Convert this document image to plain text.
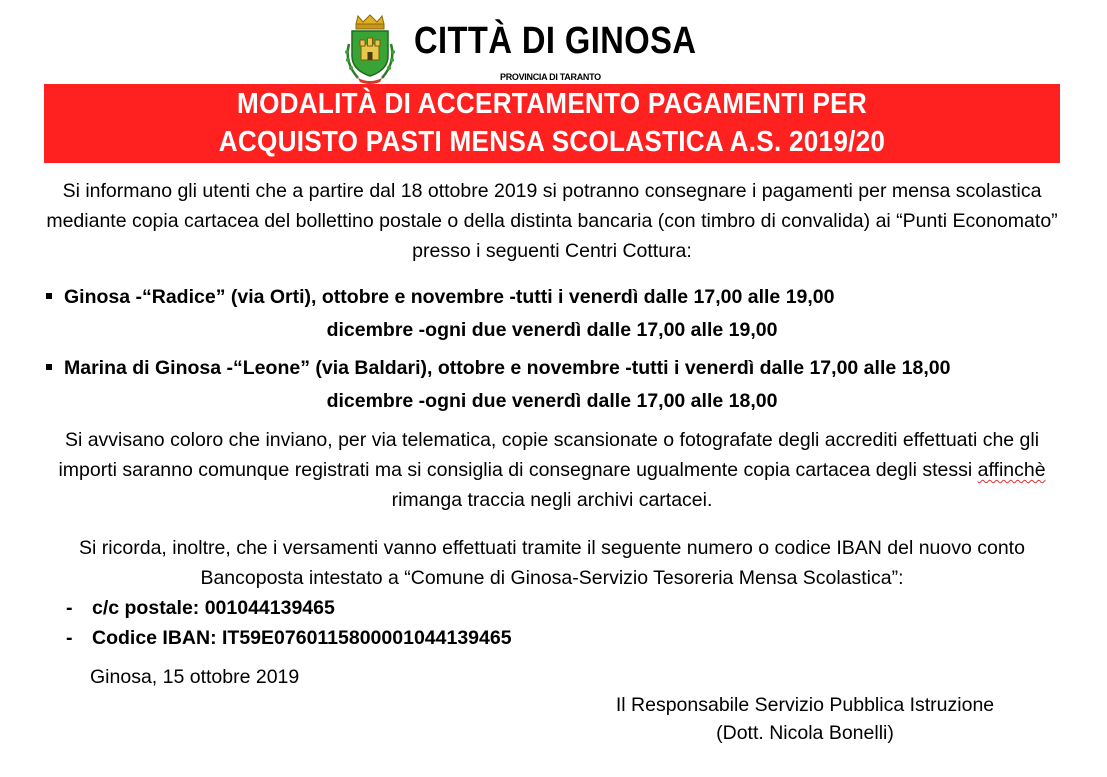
CITTÀ DI GINOSA
PROVINCIA DI TARANTO
MODALITÀ DI ACCERTAMENTO PAGAMENTI PER
ACQUISTO PASTI MENSA SCOLASTICA A.S. 2019/20

Si informano gli utenti che a partire dal 18 ottobre 2019 si potranno consegnare i pagamenti per mensa scolastica mediante copia cartacea del bollettino postale o della distinta bancaria (con timbro di convalida) ai “Punti Economato” presso i seguenti Centri Cottura:

Ginosa -“Radice” (via Orti), ottobre e novembre -tutti i venerdì dalle 17,00 alle 19,00
dicembre -ogni due venerdì dalle 17,00 alle 19,00
Marina di Ginosa -“Leone” (via Baldari), ottobre e novembre -tutti i venerdì dalle 17,00 alle 18,00
dicembre -ogni due venerdì dalle 17,00 alle 18,00

Si avvisano coloro che inviano, per via telematica, copie scansionate o fotografate degli accrediti effettuati che gli importi saranno comunque registrati ma si consiglia di consegnare ugualmente copia cartacea degli stessi affinchè rimanga traccia negli archivi cartacei.

Si ricorda, inoltre, che i versamenti vanno effettuati tramite il seguente numero o codice IBAN del nuovo conto Bancoposta intestato a “Comune di Ginosa-Servizio Tesoreria Mensa Scolastica”:

- c/c postale: 001044139465
- Codice IBAN: IT59E0760115800001044139465
Ginosa, 15 ottobre 2019
Il Responsabile Servizio Pubblica Istruzione
(Dott. Nicola Bonelli)
